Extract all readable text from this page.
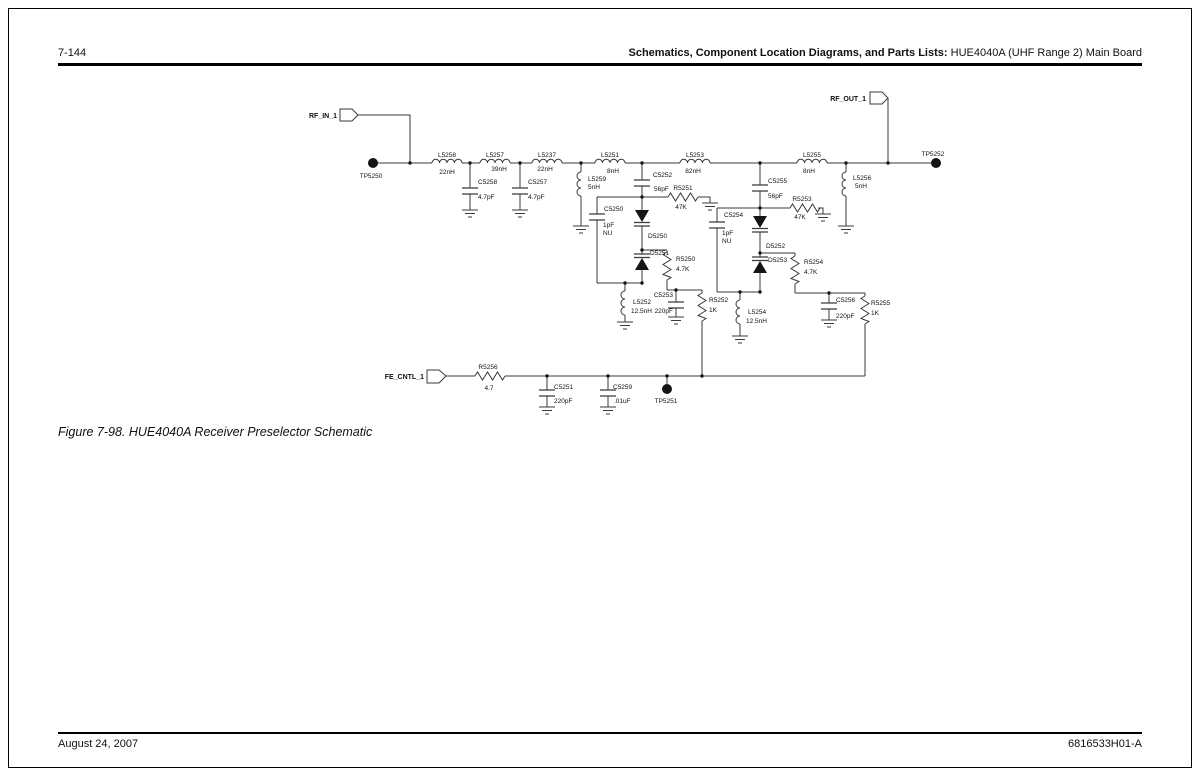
7-144	Schematics, Component Location Diagrams, and Parts Lists: HUE4040A (UHF Range 2) Main Board
RF_IN_1
RF_OUT_1
FE_CNTL_1
TP5250
TP5252
TP5251
L5258
22nH
L5257
39nH
L5237
22nH
L5259
5nH
L5251
8nH
L5253
82nH
L5255
8nH
L5256
5nH
L5252
12.5nH	L5254
12.5nH
C5258
4.7pF
C5257
4.7pF
C5252
56pF
C5255
56pF
C5250
1pF
NU
C5254
1pF
NU
C5253
220pF
C5256
220pF
C5251
220pF
C5259
.01uF
R5251
47K
R5253
47K
R5250
4.7K
R5254
4.7K
R5252
1K
R5255
1K
R5256
4.7
D5250
D5251
D5252
D5253
Figure 7-98. HUE4040A Receiver Preselector Schematic
August 24, 2007	6816533H01-A
